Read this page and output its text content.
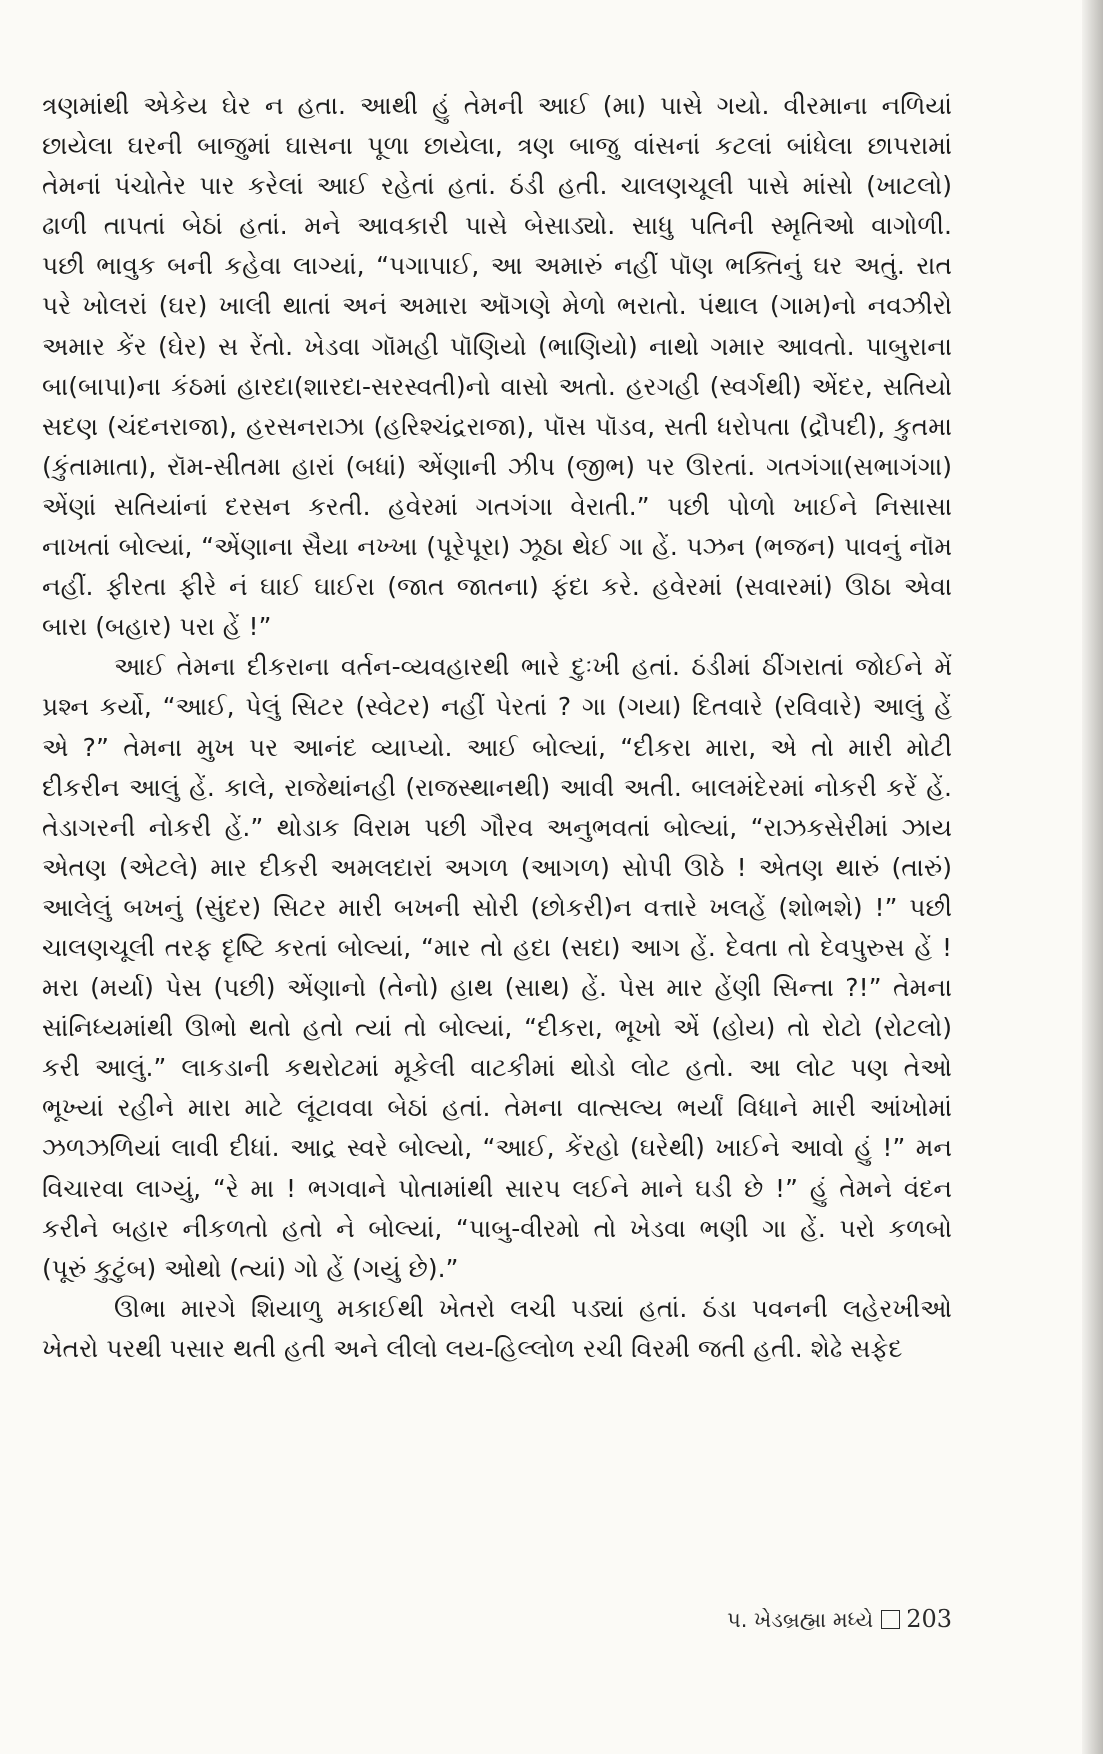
ત્રણમાંથી એકેય ઘેર ન હતા. આથી હું તેમની આઈ (મા) પાસે ગયો. વીરમાના નળિયાં
છાયેલા ઘરની બાજુમાં ઘાસના પૂળા છાયેલા, ત્રણ બાજુ વાંસનાં કટલાં બાંધેલા છાપરામાં
તેમનાં પંચોતેર પાર કરેલાં આઈ રહેતાં હતાં. ઠંડી હતી. ચાલણચૂલી પાસે માંસો (ખાટલો)
ઢાળી તાપતાં બેઠાં હતાં. મને આવકારી પાસે બેસાડ્યો. સાધુ પતિની સ્મૃતિઓ વાગોળી.
પછી ભાવુક બની કહેવા લાગ્યાં, “પગાપાઈ, આ અમારું નહીં પૉણ ભક્તિનું ઘર અતું. રાત
પરે ખોલરાં (ઘર) ખાલી થાતાં અનં અમારા ઑગણે મેળો ભરાતો. પંથાલ (ગામ)નો નવઝીરો
અમાર કેંર (ઘેર) સ રેંતો. ખેડવા ગૉમહી પૉણિયો (ભાણિયો) નાથો ગમાર આવતો. પાબુરાના
બા(બાપા)ના કંઠમાં હારદા(શારદા-સરસ્વતી)નો વાસો અતો. હરગહી (સ્વર્ગથી) એંદર, સતિયો
સદણ (ચંદનરાજા), હરસનરાઝા (હરિશ્ચંદ્રરાજા), પૉસ પૉડવ, સતી ધરોપતા (દ્રૌપદી), કુતમા
(કુંતામાતા), રૉમ-સીતમા હારાં (બધાં) એંણાની ઝીપ (જીભ) પર ઊરતાં. ગતગંગા(સભાગંગા)
એંણાં સતિયાંનાં દરસન કરતી. હવેરમાં ગતગંગા વેરાતી.” પછી પોળો ખાઈને નિસાસા
નાખતાં બોલ્યાં, “એંણાના સૈયા નખ્ખા (પૂરેપૂરા) ઝૂઠા થેઈ ગા હેં. પઝન (ભજન) પાવનું નૉમ
નહીં. ફીરતા ફીરે નં ઘાઈ ઘાઈરા (જાત જાતના) ફંદા કરે. હવેરમાં (સવારમાં) ઊઠા એવા
બારા (બહાર) પરા હેં !”
આઈ તેમના દીકરાના વર્તન-વ્યવહારથી ભારે દુઃખી હતાં. ઠંડીમાં ઠીંગરાતાં જોઈને મેં
પ્રશ્ન કર્યો, “આઈ, પેલું સિટર (સ્વેટર) નહીં પેરતાં ? ગા (ગયા) દિતવારે (રવિવારે) આલું હેં
એ ?” તેમના મુખ પર આનંદ વ્યાપ્યો. આઈ બોલ્યાં, “દીકરા મારા, એ તો મારી મોટી
દીકરીન આલું હેં. કાલે, રાજેથાંનહી (રાજસ્થાનથી) આવી અતી. બાલમંદેરમાં નોકરી કરેં હેં.
તેડાગરની નોકરી હેં.” થોડાક વિરામ પછી ગૌરવ અનુભવતાં બોલ્યાં, “રાઝકસેરીમાં ઝાય
એતણ (એટલે) માર દીકરી અમલદારાં અગળ (આગળ) સોપી ઊઠે ! એતણ થારું (તારું)
આલેલું બખનું (સુંદર) સિટર મારી બખની સોરી (છોકરી)ન વત્તારે ખલહેં (શોભશે) !” પછી
ચાલણચૂલી તરફ દૃષ્ટિ કરતાં બોલ્યાં, “માર તો હદા (સદા) આગ હેં. દેવતા તો દેવપુરુસ હેં !
મરા (મર્યા) પેસ (પછી) એંણાનો (તેનો) હાથ (સાથ) હેં. પેસ માર હેંણી સિન્તા ?!” તેમના
સાંનિધ્યમાંથી ઊભો થતો હતો ત્યાં તો બોલ્યાં, “દીકરા, ભૂખો એં (હોય) તો રોટો (રોટલો)
કરી આલું.” લાકડાની કથરોટમાં મૂકેલી વાટકીમાં થોડો લોટ હતો. આ લોટ પણ તેઓ
ભૂખ્યાં રહીને મારા માટે લૂંટાવવા બેઠાં હતાં. તેમના વાત્સલ્ય ભર્યાં વિધાને મારી આંખોમાં
ઝળઝળિયાં લાવી દીધાં. આદ્ર સ્વરે બોલ્યો, “આઈ, કેંરહો (ઘરેથી) ખાઈને આવો હું !” મન
વિચારવા લાગ્યું, “રે મા ! ભગવાને પોતામાંથી સારપ લઈને માને ઘડી છે !” હું તેમને વંદન
કરીને બહાર નીકળતો હતો ને બોલ્યાં, “પાબુ-વીરમો તો ખેડવા ભણી ગા હેં. પરો કળબો
(પૂરું કુટુંબ) ઓથો (ત્યાં) ગો હેં (ગયું છે).”
ઊભા મારગે શિયાળુ મકાઈથી ખેતરો લચી પડ્યાં હતાં. ઠંડા પવનની લહેરખીઓ
ખેતરો પરથી પસાર થતી હતી અને લીલો લય-હિલ્લોળ રચી વિરમી જતી હતી. શેઢે સફેદ
પ. ખેડબ્રહ્મા મધ્યે 203
